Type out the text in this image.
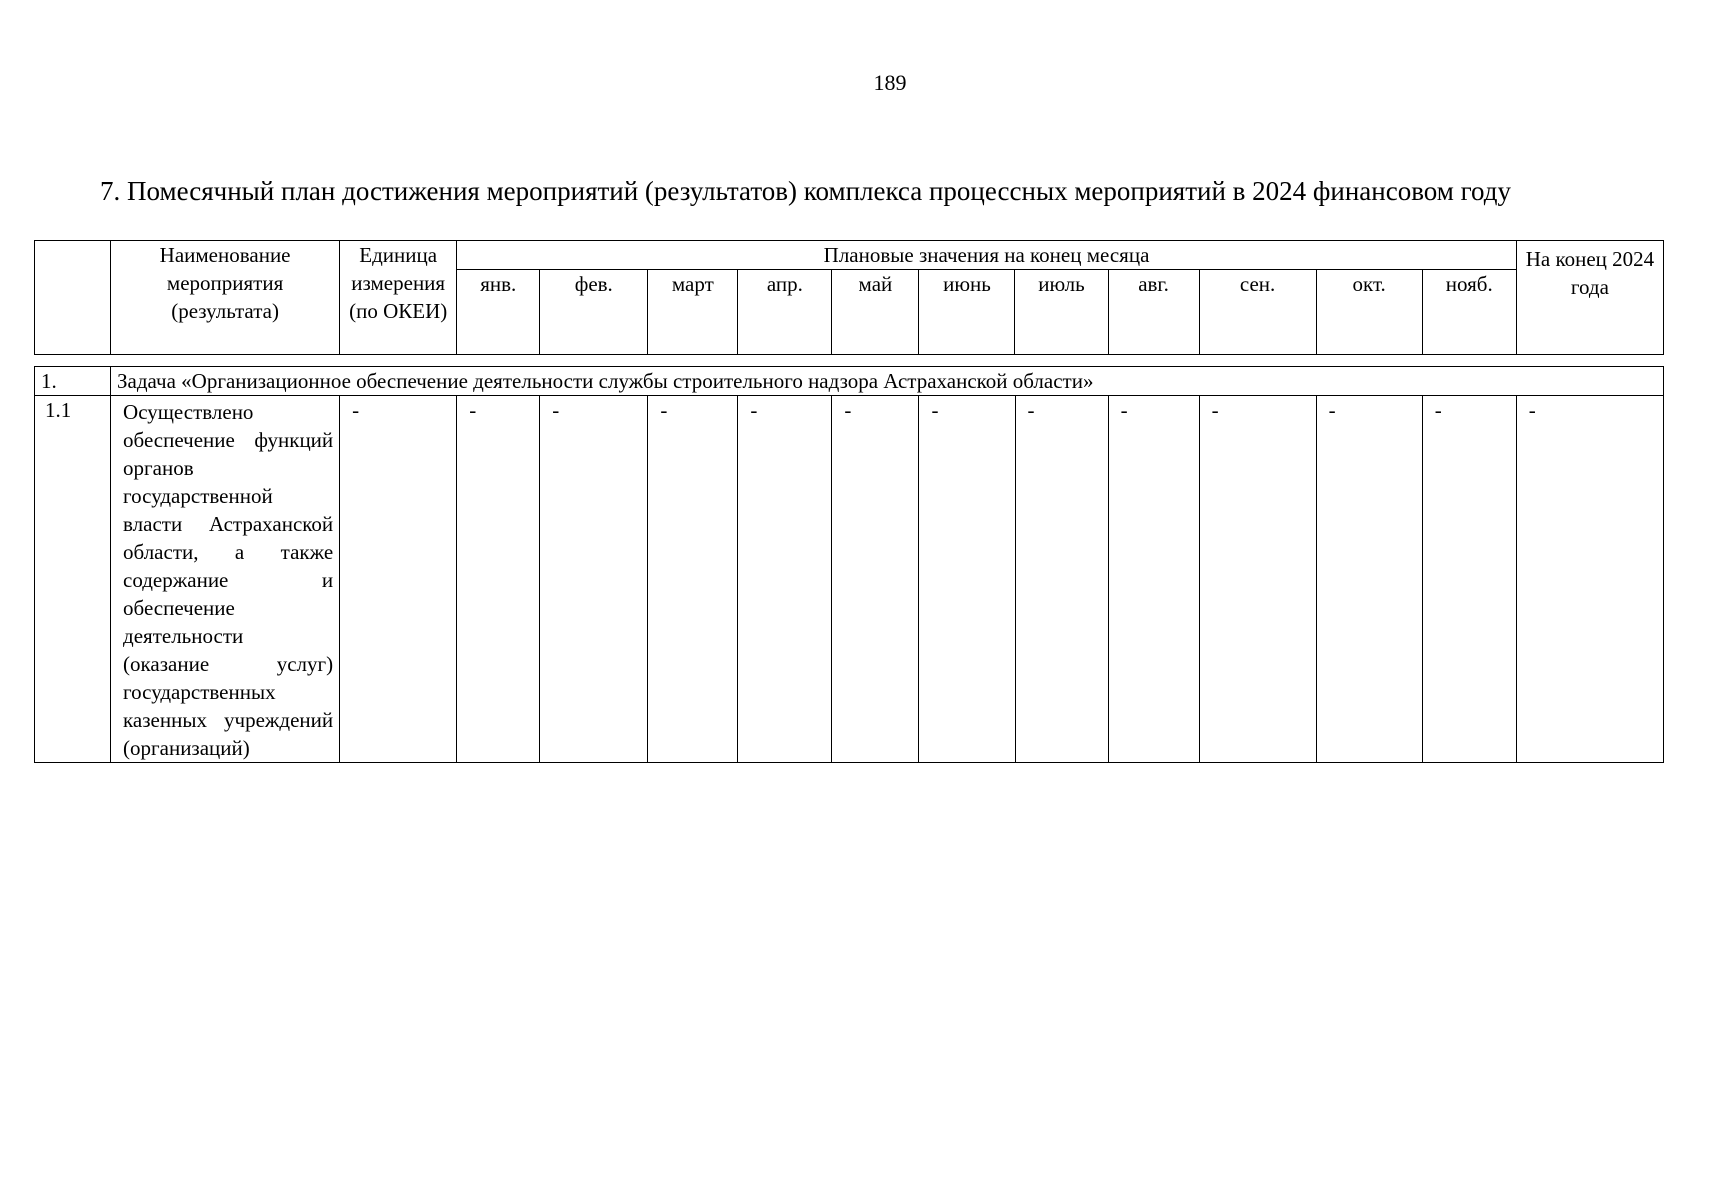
189
7. Помесячный план достижения мероприятий (результатов) комплекса процессных мероприятий в 2024 финансовом году
	Наименование мероприятия (результата)	Единица измерения (по ОКЕИ)	Плановые значения на конец месяца											На конец 2024 года
			янв.	фев.	март	апр.	май	июнь	июль	авг.	сен.	окт.	нояб.	
1.	Задача «Организационное обеспечение деятельности службы строительного надзора Астраханской области»													
1.1	Осуществлено обеспечение функций органов государственной власти Астраханской области, а также содержание и обеспечение деятельности (оказание услуг) государственных казенных учреждений (организаций)	-	-	-	-	-	-	-	-	-	-	-	-	-
